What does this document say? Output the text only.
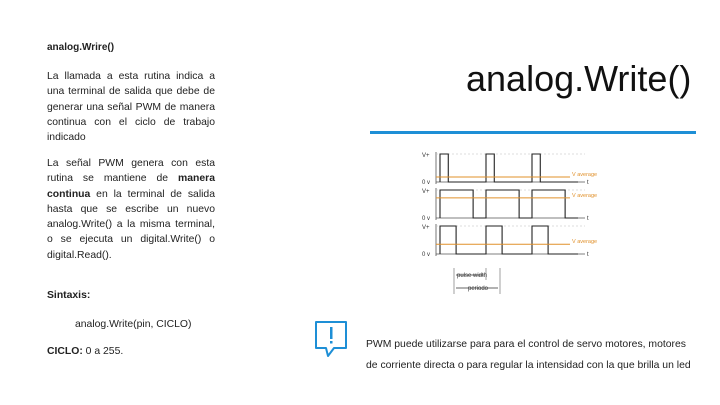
analog.Wrire()
La llamada a esta rutina indica a una terminal de salida que debe de generar una señal PWM de manera continua con el ciclo de trabajo indicado
La señal PWM genera con esta rutina se mantiene de manera continua en la terminal de salida hasta que se escribe un nuevo analog.Write() a la misma terminal, o se ejecuta un digital.Write() o digital.Read().
Sintaxis:
analog.Write(pin, CICLO)
CICLO: 0 a 255.
analog.Write()
V+
0 v
V average
t
V+
0 v
V average
t
V+
0 v
V average
t
pulse width
periodo
PWM puede utilizarse para para el control de servo motores, motores
de corriente directa o para regular la intensidad con la que brilla un led
